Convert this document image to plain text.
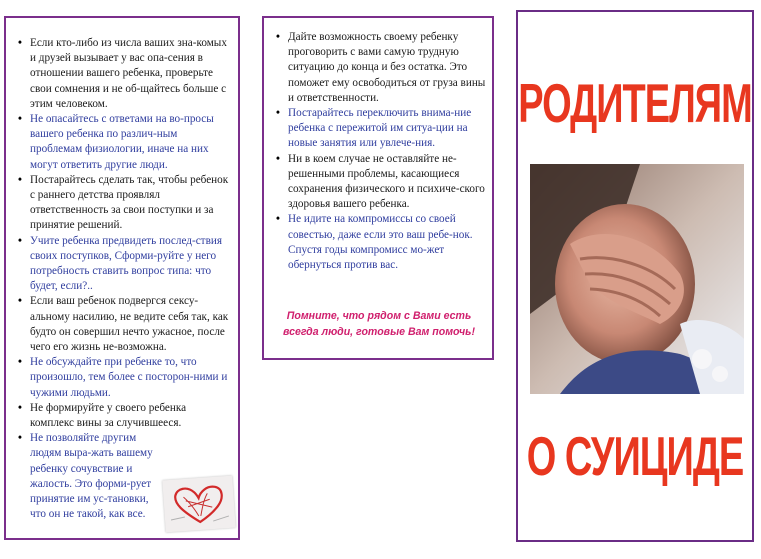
• Если кто-либо из числа ваших зна-комых и друзей вызывает у вас опа-сения в отношении вашего ребенка, проверьте свои сомнения и не об-щайтесь больше с этим человеком.
• Не опасайтесь с ответами на во-просы вашего ребенка по различ-ным проблемам физиологии, иначе на них могут ответить другие люди.
• Постарайтесь сделать так, чтобы ребенок с раннего детства проявлял ответственность за свои поступки и за принятие решений.
• Учите ребенка предвидеть послед-ствия своих поступков, Сформи-руйте у него потребность ставить вопрос типа: что будет, если?..
• Если ваш ребенок подвергся сексу-альному насилию, не ведите себя так, как будто он совершил нечто ужасное, после чего его жизнь не-возможна.
• Не обсуждайте при ребенке то, что произошло, тем более с посторон-ними и чужими людьми.
• Не формируйте у своего ребенка комплекс вины за случившееся.
• Не позволяйте другим людям выра-жать вашему ребенку сочувствие и жалость. Это форми-рует принятие им ус-тановки, что он не такой, как все.
• Дайте возможность своему ребенку проговорить с вами самую трудную ситуацию до конца и без остатка. Это поможет ему освободиться от груза вины и ответственности.
• Постарайтесь переключить внима-ние ребенка с пережитой им ситуа-ции на новые занятия или увлече-ния.
• Ни в коем случае не оставляйте не-решенными проблемы, касающиеся сохранения физического и психиче-ского здоровья вашего ребенка.
• Не идите на компромиссы со своей совестью, даже если это ваш ребе-нок. Спустя годы компромисс мо-жет обернуться против вас.
Помните, что рядом с Вами есть
всегда люди, готовые Вам помочь!
РОДИТЕЛЯМ
О СУИЦИДЕ
